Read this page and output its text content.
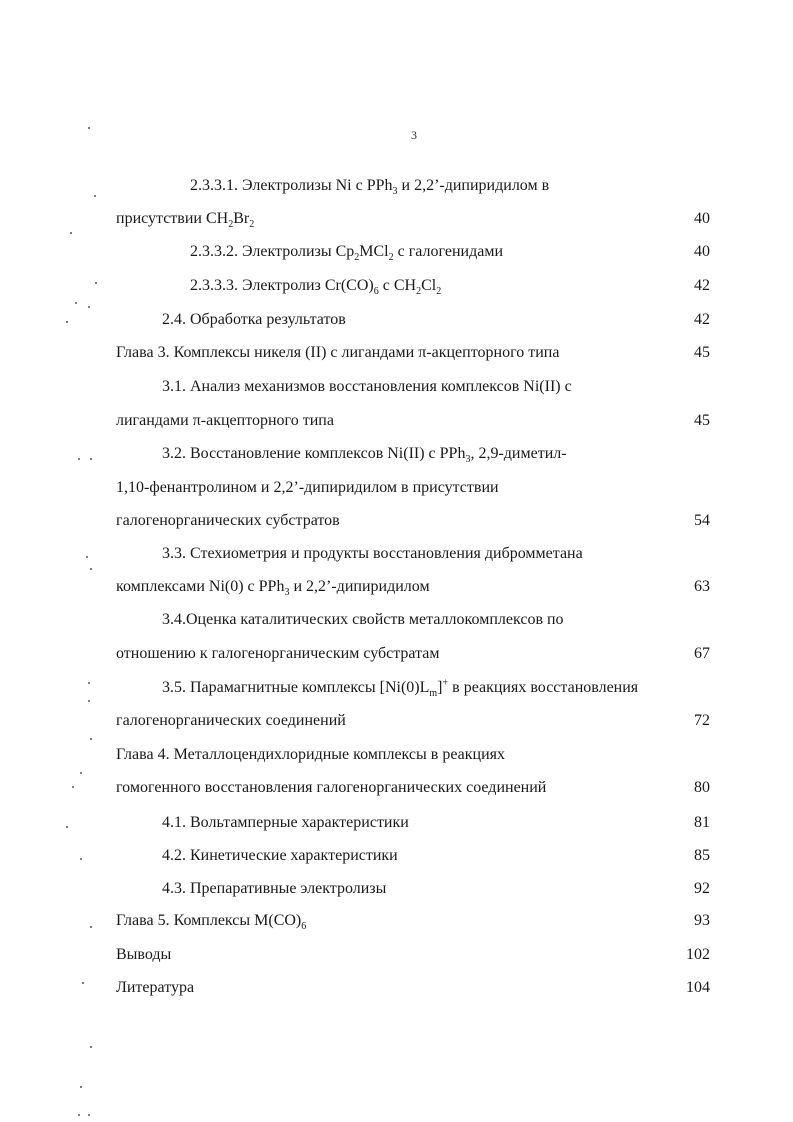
3
2.3.3.1. Электролизы Ni с PPh$_3$ и 2,2’-дипиридилом в
присутствии $CH_2Br_2$	40
2.3.3.2. Электролизы $Cp_2MCl_2$ с галогенидами	40
2.3.3.3. Электролиз $Cr(CO)_6$ с $CH_2Cl_2$	42
2.4. Обработка результатов	42
Глава 3. Комплексы никеля (II) с лигандами π-акцепторного типа	45
3.1. Анализ механизмов восстановления комплексов Ni(II) с
лигандами π-акцепторного типа	45
3.2. Восстановление комплексов Ni(II) с PPh$_3$, 2,9-диметил-
1,10-фенантролином и 2,2’-дипиридилом в присутствии
галогенорганических субстратов	54
3.3. Стехиометрия и продукты восстановления дибромметана
комплексами Ni(0) с PPh$_3$ и 2,2’-дипиридилом	63
3.4.Оценка каталитических свойств металлокомплексов по
отношению к галогенорганическим субстратам	67
3.5. Парамагнитные комплексы $[Ni(0)L_m]^+$ в реакциях восстановления
галогенорганических соединений	72
Глава 4. Металлоцендихлоридные комплексы в реакциях
гомогенного восстановления галогенорганических соединений	80
4.1. Вольтамперные характеристики	81
4.2. Кинетические характеристики	85
4.3. Препаративные электролизы	92
Глава 5. Комплексы $M(CO)_6$	93
Выводы	102
Литература	104
